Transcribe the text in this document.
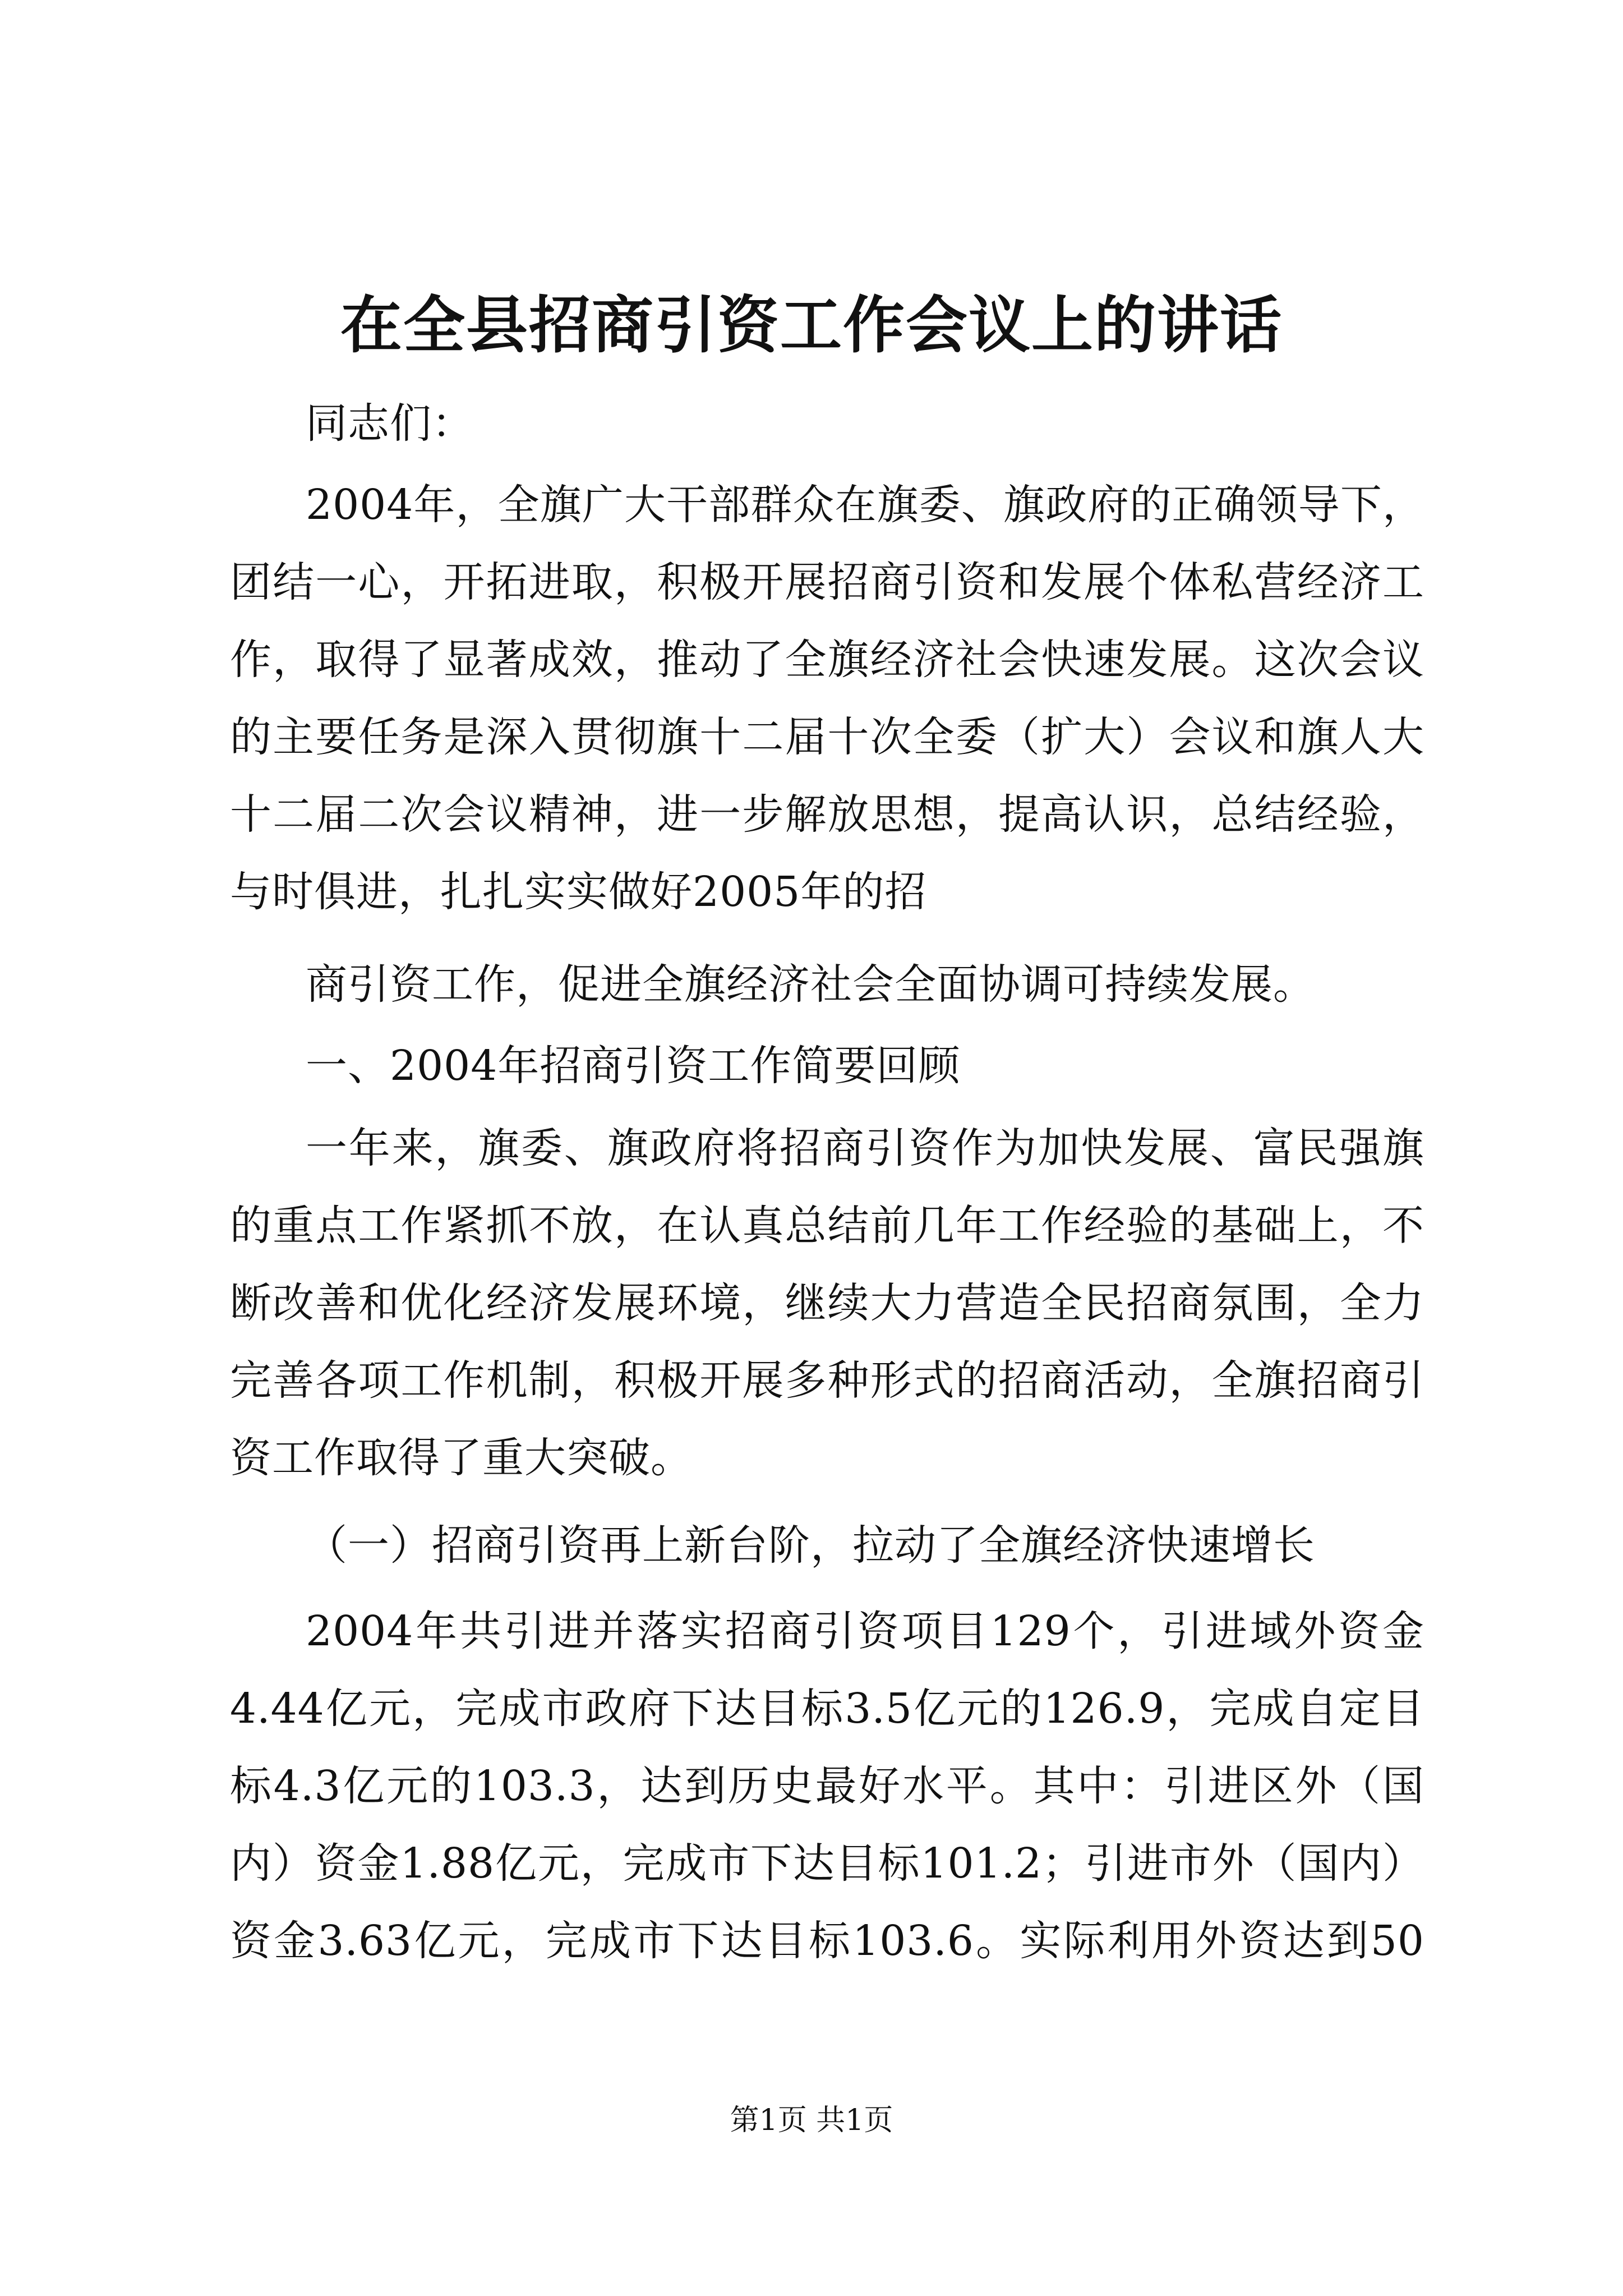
在全县招商引资工作会议上的讲话

同志们：

2004年，全旗广大干部群众在旗委、旗政府的正确领导下，

团结一心，开拓进取，积极开展招商引资和发展个体私营经济工

作，取得了显著成效，推动了全旗经济社会快速发展。这次会议

的主要任务是深入贯彻旗十二届十次全委（扩大）会议和旗人大

十二届二次会议精神，进一步解放思想，提高认识，总结经验，

与时俱进，扎扎实实做好2005年的招

商引资工作，促进全旗经济社会全面协调可持续发展。

一、2004年招商引资工作简要回顾

一年来，旗委、旗政府将招商引资作为加快发展、富民强旗

的重点工作紧抓不放，在认真总结前几年工作经验的基础上，不

断改善和优化经济发展环境，继续大力营造全民招商氛围，全力

完善各项工作机制，积极开展多种形式的招商活动，全旗招商引

资工作取得了重大突破。

（一）招商引资再上新台阶，拉动了全旗经济快速增长

2004年共引进并落实招商引资项目129个，引进域外资金

4.44亿元，完成市政府下达目标3.5亿元的126.9，完成自定目

标4.3亿元的103.3，达到历史最好水平。其中：引进区外（国

内）资金1.88亿元，完成市下达目标101.2；引进市外（国内）

资金3.63亿元，完成市下达目标103.6。实际利用外资达到50

第1页 共1页
